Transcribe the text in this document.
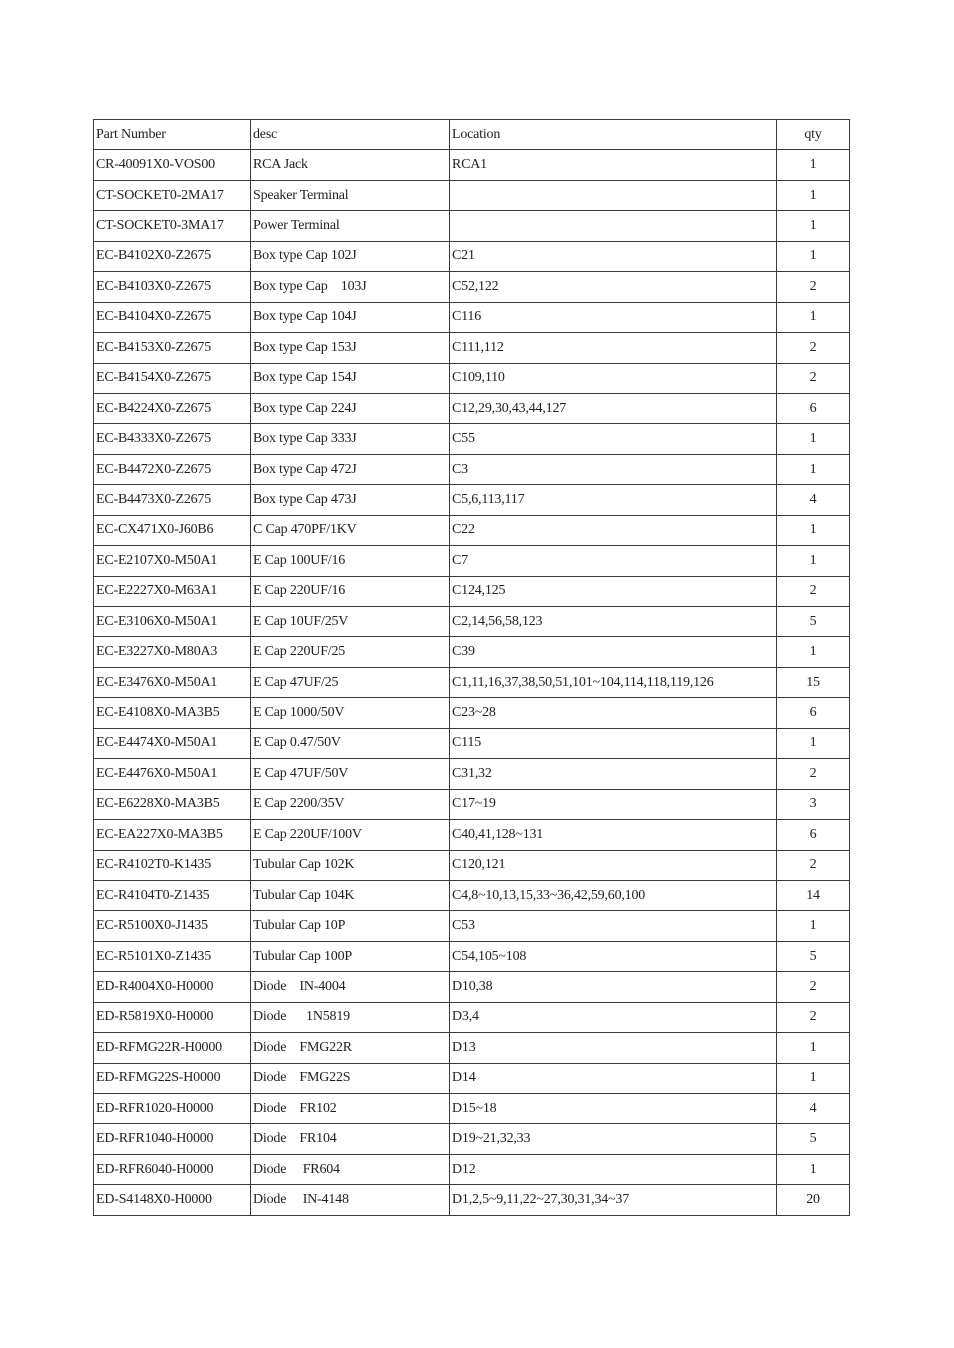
Part Number	desc	Location	qty
CR-40091X0-VOS00	RCA Jack	RCA1	1
CT-SOCKET0-2MA17	Speaker Terminal		1
CT-SOCKET0-3MA17	Power Terminal		1
EC-B4102X0-Z2675	Box type Cap 102J	C21	1
EC-B4103X0-Z2675	Box type Cap    103J	C52,122	2
EC-B4104X0-Z2675	Box type Cap 104J	C116	1
EC-B4153X0-Z2675	Box type Cap 153J	C111,112	2
EC-B4154X0-Z2675	Box type Cap 154J	C109,110	2
EC-B4224X0-Z2675	Box type Cap 224J	C12,29,30,43,44,127	6
EC-B4333X0-Z2675	Box type Cap 333J	C55	1
EC-B4472X0-Z2675	Box type Cap 472J	C3	1
EC-B4473X0-Z2675	Box type Cap 473J	C5,6,113,117	4
EC-CX471X0-J60B6	C Cap 470PF/1KV	C22	1
EC-E2107X0-M50A1	E Cap 100UF/16	C7	1
EC-E2227X0-M63A1	E Cap 220UF/16	C124,125	2
EC-E3106X0-M50A1	E Cap 10UF/25V	C2,14,56,58,123	5
EC-E3227X0-M80A3	E Cap 220UF/25	C39	1
EC-E3476X0-M50A1	E Cap 47UF/25	C1,11,16,37,38,50,51,101~104,114,118,119,126	15
EC-E4108X0-MA3B5	E Cap 1000/50V	C23~28	6
EC-E4474X0-M50A1	E Cap 0.47/50V	C115	1
EC-E4476X0-M50A1	E Cap 47UF/50V	C31,32	2
EC-E6228X0-MA3B5	E Cap 2200/35V	C17~19	3
EC-EA227X0-MA3B5	E Cap 220UF/100V	C40,41,128~131	6
EC-R4102T0-K1435	Tubular Cap 102K	C120,121	2
EC-R4104T0-Z1435	Tubular Cap 104K	C4,8~10,13,15,33~36,42,59,60,100	14
EC-R5100X0-J1435	Tubular Cap 10P	C53	1
EC-R5101X0-Z1435	Tubular Cap 100P	C54,105~108	5
ED-R4004X0-H0000	Diode    IN-4004	D10,38	2
ED-R5819X0-H0000	Diode      1N5819	D3,4	2
ED-RFMG22R-H0000	Diode    FMG22R	D13	1
ED-RFMG22S-H0000	Diode    FMG22S	D14	1
ED-RFR1020-H0000	Diode    FR102	D15~18	4
ED-RFR1040-H0000	Diode    FR104	D19~21,32,33	5
ED-RFR6040-H0000	Diode     FR604	D12	1
ED-S4148X0-H0000	Diode     IN-4148	D1,2,5~9,11,22~27,30,31,34~37	20
